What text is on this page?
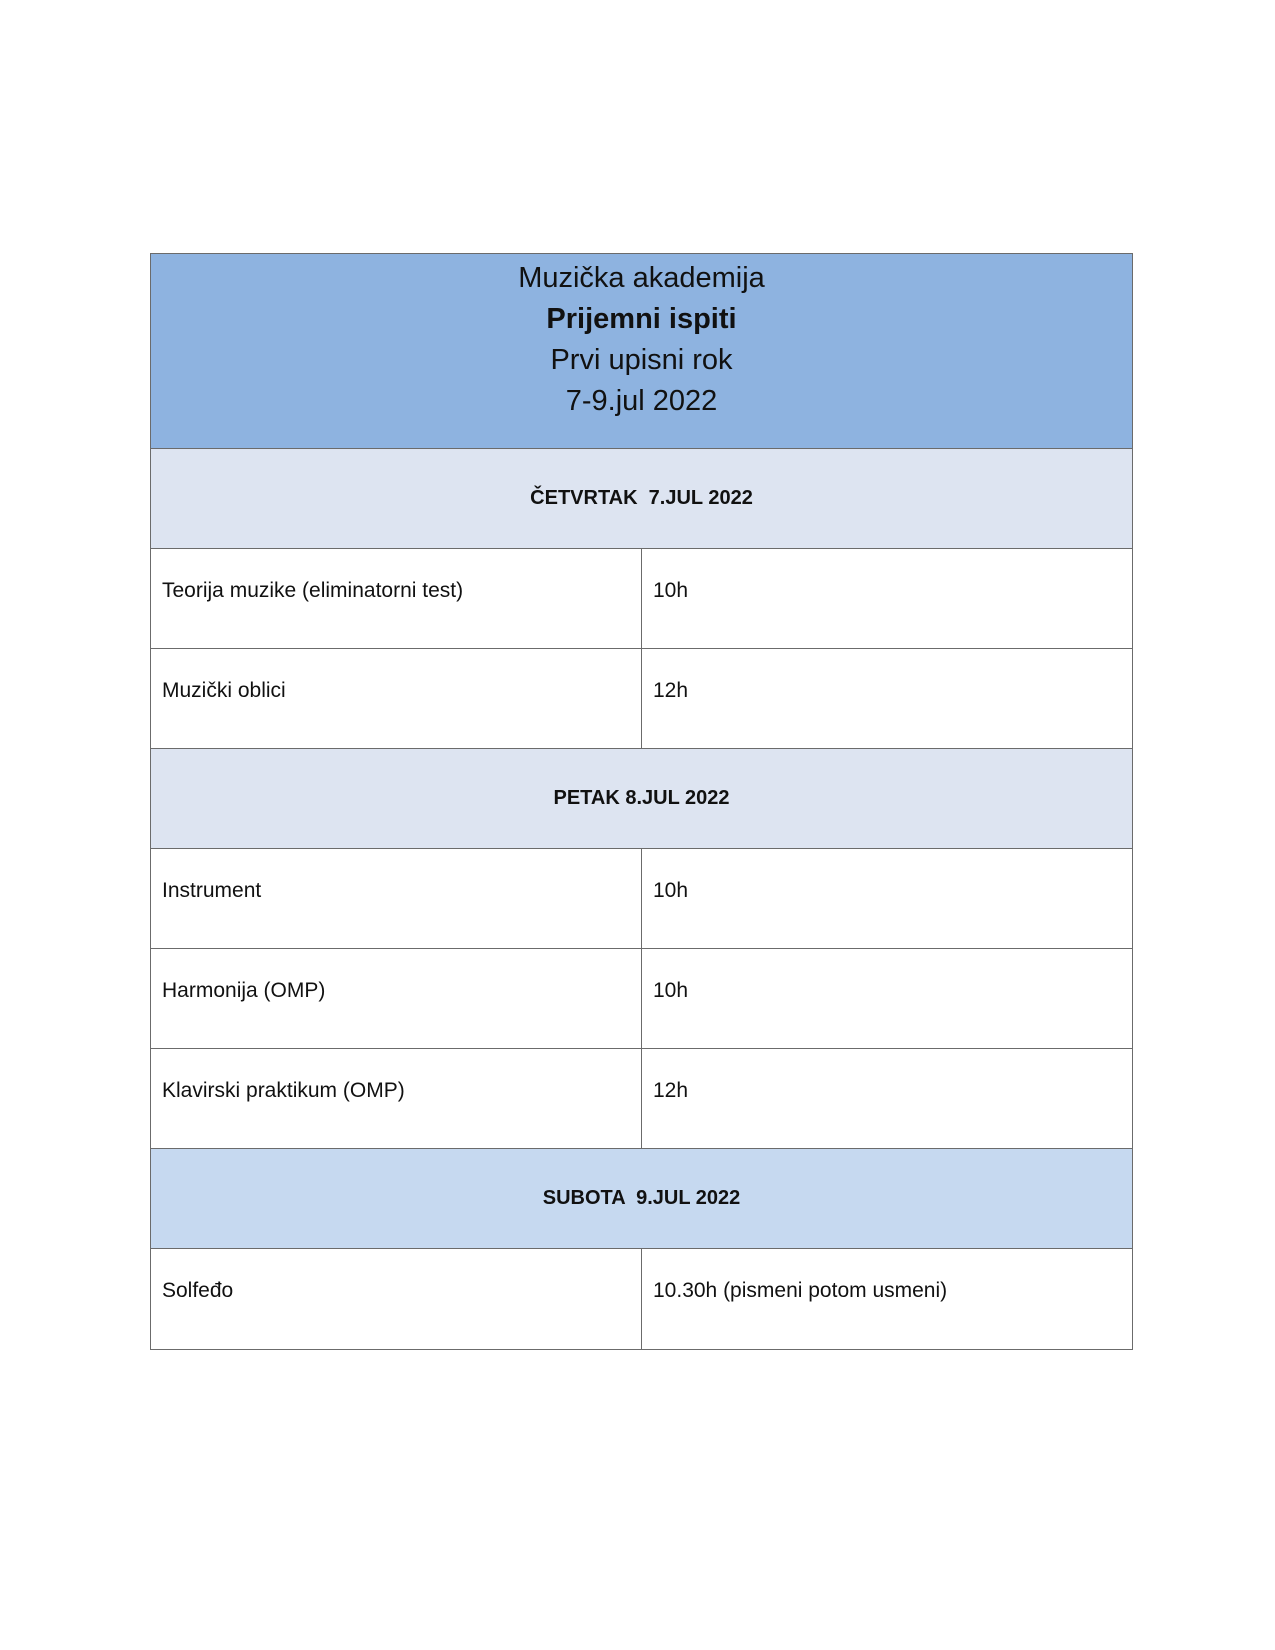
Muzička akademija
Prijemni ispiti
Prvi upisni rok
7-9.jul 2022
ČETVRTAK  7.JUL 2022
Teorija muzike (eliminatorni test)	10h
Muzički oblici	12h
PETAK 8.JUL 2022
Instrument	10h
Harmonija (OMP)	10h
Klavirski praktikum (OMP)	12h
SUBOTA  9.JUL 2022
Solfeđo	10.30h (pismeni potom usmeni)
